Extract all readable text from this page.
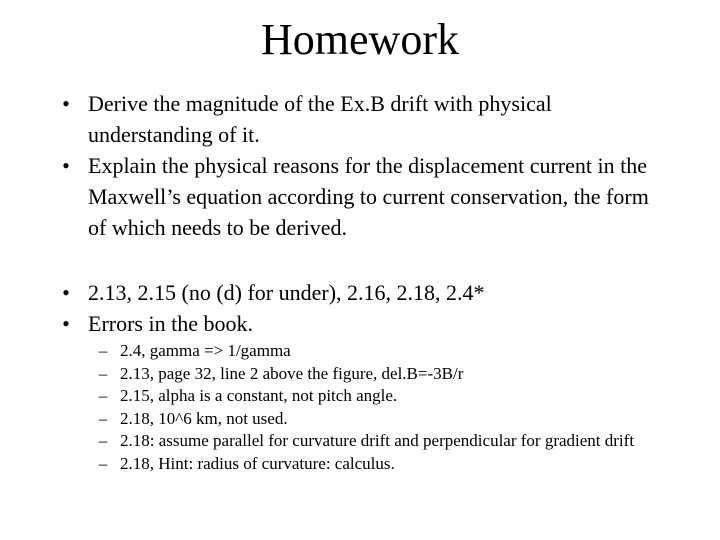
Homework
• Derive the magnitude of the Ex.B drift with physical understanding of it.
• Explain the physical reasons for the displacement current in the Maxwell’s equation according to current conservation, the form of which needs to be derived.
• 2.13, 2.15 (no (d) for under), 2.16, 2.18, 2.4*
• Errors in the book.
– 2.4, gamma => 1/gamma
– 2.13, page 32, line 2 above the figure, del.B=-3B/r
– 2.15, alpha is a constant, not pitch angle.
– 2.18, 10^6 km, not used.
– 2.18: assume parallel for curvature drift and perpendicular for gradient drift
– 2.18, Hint: radius of curvature: calculus.
